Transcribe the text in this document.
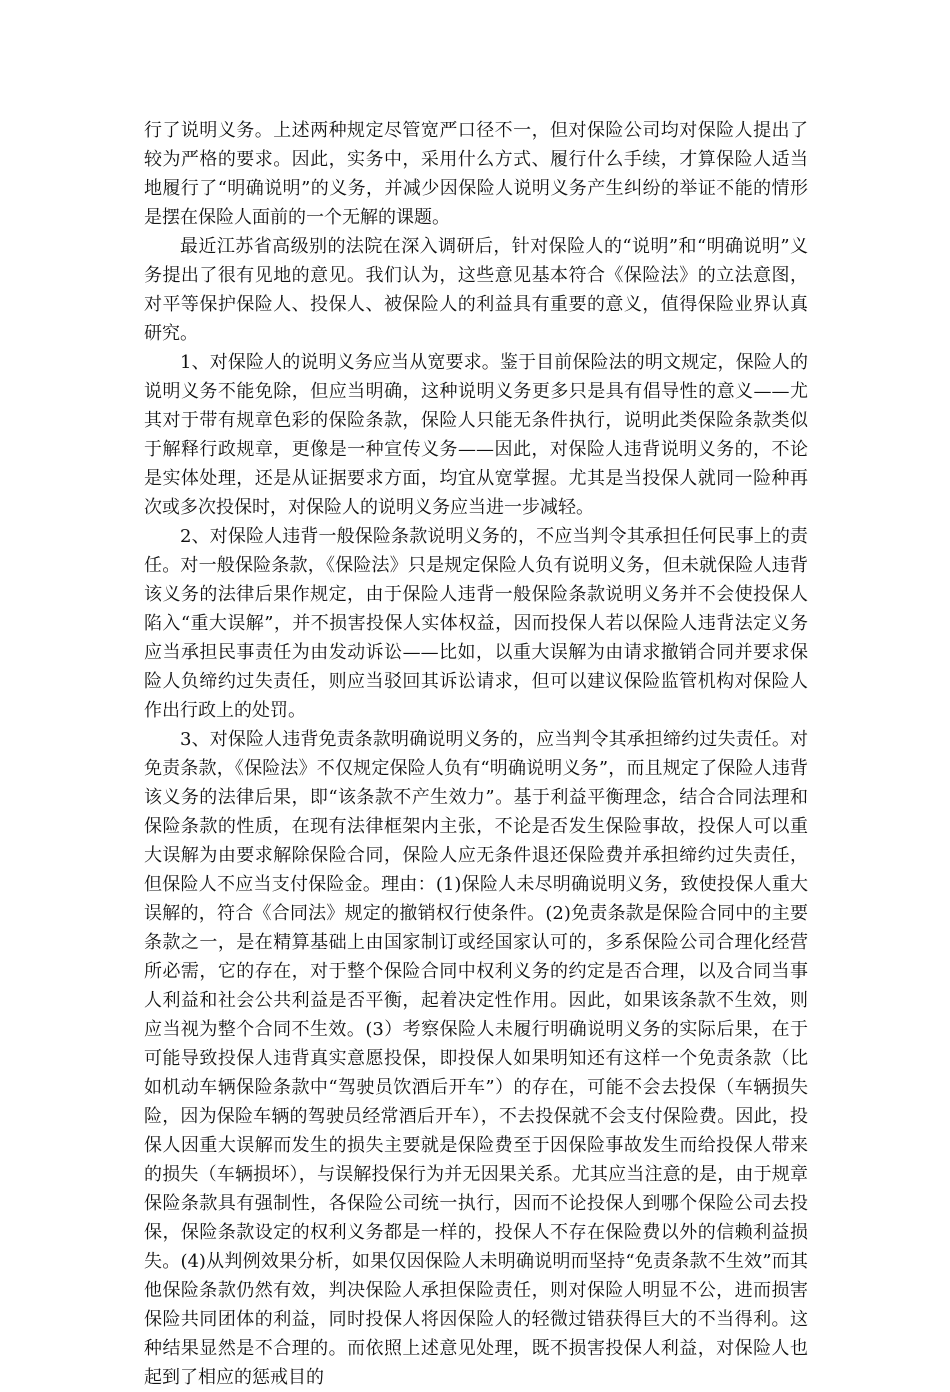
行了说明义务。上述两种规定尽管宽严口径不一，但对保险公司均对保险人提出了较为严格的要求。因此，实务中，采用什么方式、履行什么手续，才算保险人适当地履行了“明确说明”的义务，并减少因保险人说明义务产生纠纷的举证不能的情形是摆在保险人面前的一个无解的课题。

最近江苏省高级别的法院在深入调研后，针对保险人的“说明”和“明确说明”义务提出了很有见地的意见。我们认为，这些意见基本符合《保险法》的立法意图，对平等保护保险人、投保人、被保险人的利益具有重要的意义，值得保险业界认真研究。

1、对保险人的说明义务应当从宽要求。鉴于目前保险法的明文规定，保险人的说明义务不能免除，但应当明确，这种说明义务更多只是具有倡导性的意义——尤其对于带有规章色彩的保险条款，保险人只能无条件执行，说明此类保险条款类似于解释行政规章，更像是一种宣传义务——因此，对保险人违背说明义务的，不论是实体处理，还是从证据要求方面，均宜从宽掌握。尤其是当投保人就同一险种再次或多次投保时，对保险人的说明义务应当进一步减轻。

2、对保险人违背一般保险条款说明义务的，不应当判令其承担任何民事上的责任。对一般保险条款，《保险法》只是规定保险人负有说明义务，但未就保险人违背该义务的法律后果作规定，由于保险人违背一般保险条款说明义务并不会使投保人陷入“重大误解”，并不损害投保人实体权益，因而投保人若以保险人违背法定义务应当承担民事责任为由发动诉讼——比如，以重大误解为由请求撤销合同并要求保险人负缔约过失责任，则应当驳回其诉讼请求，但可以建议保险监管机构对保险人作出行政上的处罚。

3、对保险人违背免责条款明确说明义务的，应当判令其承担缔约过失责任。对免责条款，《保险法》不仅规定保险人负有“明确说明义务”，而且规定了保险人违背该义务的法律后果，即“该条款不产生效力”。基于利益平衡理念，结合合同法理和保险条款的性质，在现有法律框架内主张，不论是否发生保险事故，投保人可以重大误解为由要求解除保险合同，保险人应无条件退还保险费并承担缔约过失责任，但保险人不应当支付保险金。理由：(1)保险人未尽明确说明义务，致使投保人重大误解的，符合《合同法》规定的撤销权行使条件。(2)免责条款是保险合同中的主要条款之一，是在精算基础上由国家制订或经国家认可的，多系保险公司合理化经营所必需，它的存在，对于整个保险合同中权利义务的约定是否合理，以及合同当事人利益和社会公共利益是否平衡，起着决定性作用。因此，如果该条款不生效，则应当视为整个合同不生效。(3）考察保险人未履行明确说明义务的实际后果，在于可能导致投保人违背真实意愿投保，即投保人如果明知还有这样一个免责条款（比如机动车辆保险条款中“驾驶员饮酒后开车”）的存在，可能不会去投保（车辆损失险，因为保险车辆的驾驶员经常酒后开车），不去投保就不会支付保险费。因此，投保人因重大误解而发生的损失主要就是保险费至于因保险事故发生而给投保人带来的损失（车辆损坏），与误解投保行为并无因果关系。尤其应当注意的是，由于规章保险条款具有强制性，各保险公司统一执行，因而不论投保人到哪个保险公司去投保，保险条款设定的权利义务都是一样的，投保人不存在保险费以外的信赖利益损失。(4)从判例效果分析，如果仅因保险人未明确说明而坚持“免责条款不生效”而其他保险条款仍然有效，判决保险人承担保险责任，则对保险人明显不公，进而损害保险共同团体的利益，同时投保人将因保险人的轻微过错获得巨大的不当得利。这种结果显然是不合理的。而依照上述意见处理，既不损害投保人利益，对保险人也起到了相应的惩戒目的
